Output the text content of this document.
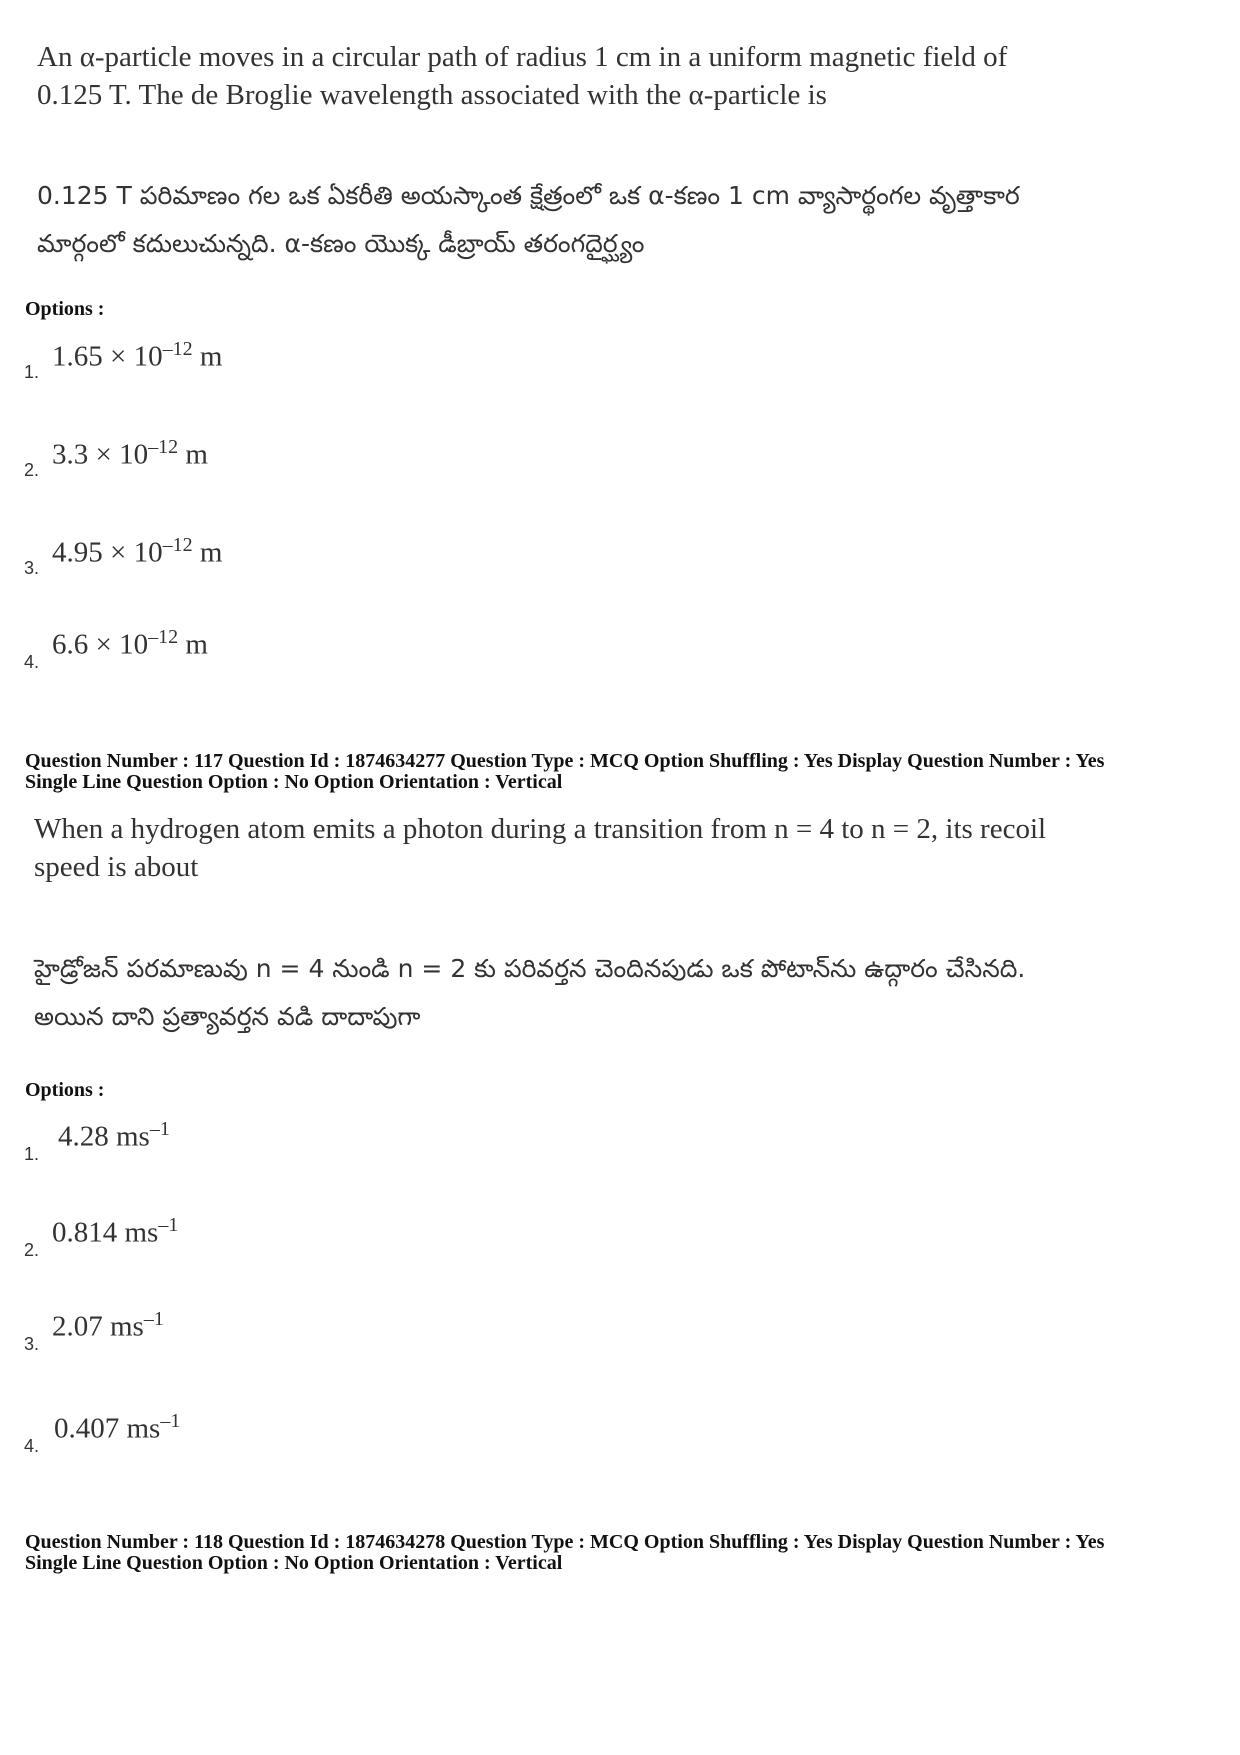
An α-particle moves in a circular path of radius 1 cm in a uniform magnetic field of
0.125 T. The de Broglie wavelength associated with the α-particle is
0.125 T పరిమాణం గల ఒక ఏకరీతి అయస్కాంత క్షేత్రంలో ఒక α-కణం 1 cm వ్యాసార్థంగల వృత్తాకార
మార్గంలో కదులుచున్నది. α-కణం యొక్క డీబ్రాయ్ తరంగదైర్ఘ్యం
Options :
1. $1.65 \times 10^{-12}$ m
2. $3.3 \times 10^{-12}$ m
3. $4.95 \times 10^{-12}$ m
4.
$6.6 \times 10^{-12}$ m
Question Number : 117 Question Id : 1874634277 Question Type : MCQ Option Shuffling : Yes Display Question Number : Yes
Single Line Question Option : No Option Orientation : Vertical
When a hydrogen atom emits a photon during a transition from n = 4 to n = 2, its recoil
speed is about
హైడ్రోజన్ పరమాణువు n = 4 నుండి n = 2 కు పరివర్తన చెందినపుడు ఒక పోటాన్‌ను ఉద్గారం చేసినది.
అయిన దాని ప్రత్యావర్తన వడి దాదాపుగా
Options :
1.
4.28 $ms^{-1}$
2.
0.814 $ms^{-1}$
3.
2.07 $ms^{-1}$
4.
0.407 $ms^{-1}$
Question Number : 118 Question Id : 1874634278 Question Type : MCQ Option Shuffling : Yes Display Question Number : Yes
Single Line Question Option : No Option Orientation : Vertical
